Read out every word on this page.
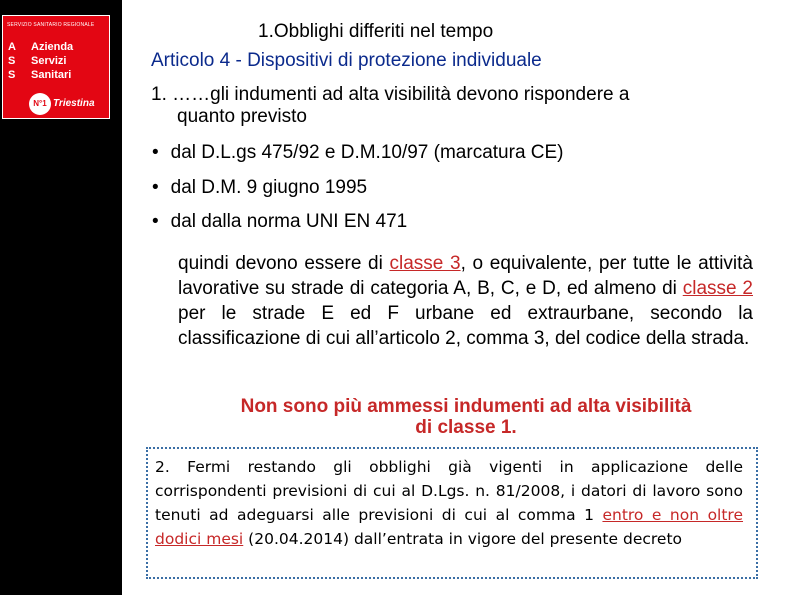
SERVIZIO SANITARIO REGIONALE
A
S
S
Azienda
Servizi
Sanitari
N°1 Triestina
1.Obblighi differiti nel tempo
Articolo 4 - Dispositivi di protezione individuale
1. ……gli indumenti ad alta visibilità devono rispondere a
quanto previsto
• dal D.L.gs 475/92 e D.M.10/97 (marcatura CE)
• dal D.M. 9 giugno 1995
• dal dalla norma UNI EN 471
quindi devono essere di classe 3, o equivalente, per tutte le attività lavorative su strade di categoria A, B, C, e D, ed almeno di classe 2 per le strade E ed F urbane ed extraurbane, secondo la classificazione di cui all’articolo 2, comma 3, del codice della strada.
Non sono più ammessi indumenti ad alta visibilità
di classe 1.
2. Fermi restando gli obblighi già vigenti in applicazione delle corrispondenti previsioni di cui al D.Lgs. n. 81/2008, i datori di lavoro sono tenuti ad adeguarsi alle previsioni di cui al comma 1 entro e non oltre dodici mesi (20.04.2014) dall’entrata in vigore del presente decreto
